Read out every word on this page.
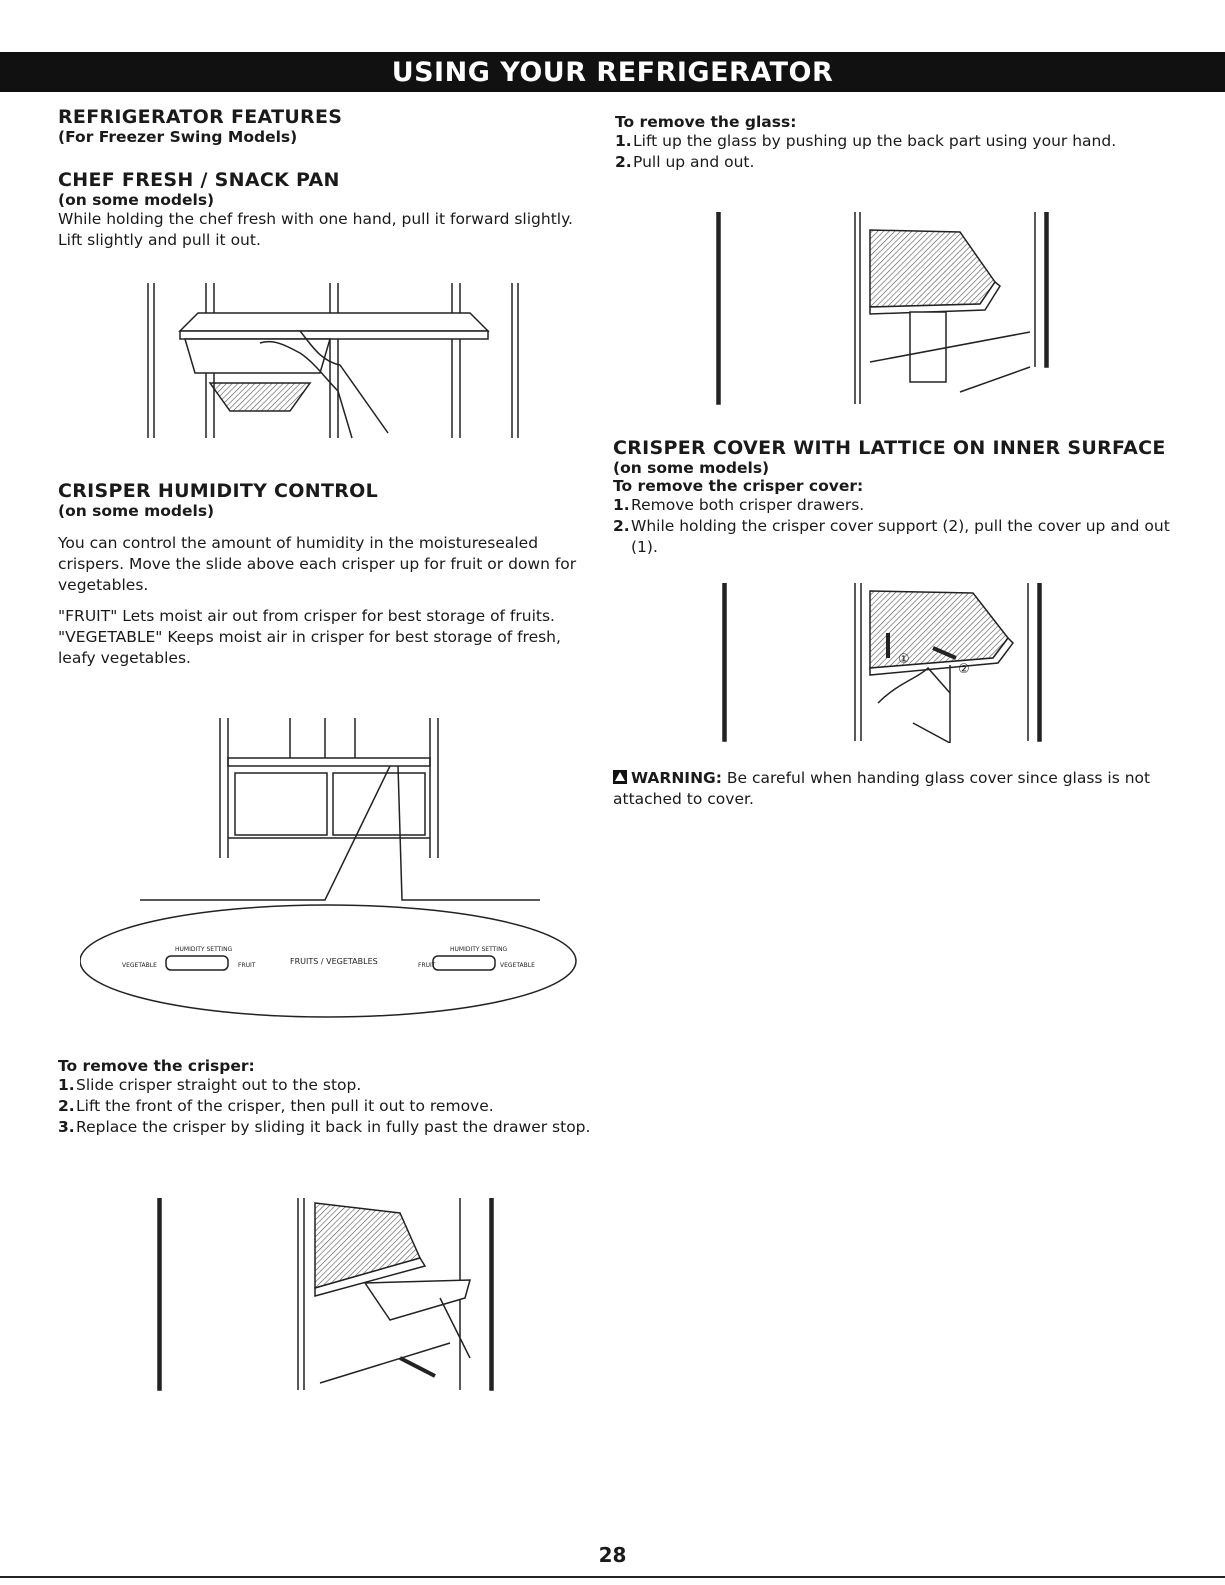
USING YOUR REFRIGERATOR
REFRIGERATOR FEATURES
(For Freezer Swing Models)
CHEF FRESH / SNACK PAN
(on some models)

While holding the chef fresh with one hand, pull it forward slightly. Lift slightly and pull it out.

CRISPER HUMIDITY CONTROL
(on some models)

You can control the amount of humidity in the moisturesealed crispers. Move the slide above each crisper up for fruit or down for vegetables.

"FRUIT" Lets moist air out from crisper for best storage of fruits.

"VEGETABLE" Keeps moist air in crisper for best storage of fresh, leafy vegetables.

To remove the crisper:
1.Slide crisper straight out to the stop.
2.Lift the front of the crisper, then pull it out to remove.
3.Replace the crisper by sliding it back in fully past the drawer stop.
To remove the glass:
1.Lift up the glass by pushing up the back part using your hand.
2.Pull up and out.
CRISPER COVER WITH LATTICE ON INNER SURFACE
(on some models)
To remove the crisper cover:
1.Remove both crisper drawers.
2.While holding the crisper cover support (2), pull the cover up and out (1).

WARNING: Be careful when handing glass cover since glass is not attached to cover.

①
②
HUMIDITY SETTING
VEGETABLE	FRUIT
HUMIDITY SETTING
FRUIT	VEGETABLE
FRUITS / VEGETABLES
28
